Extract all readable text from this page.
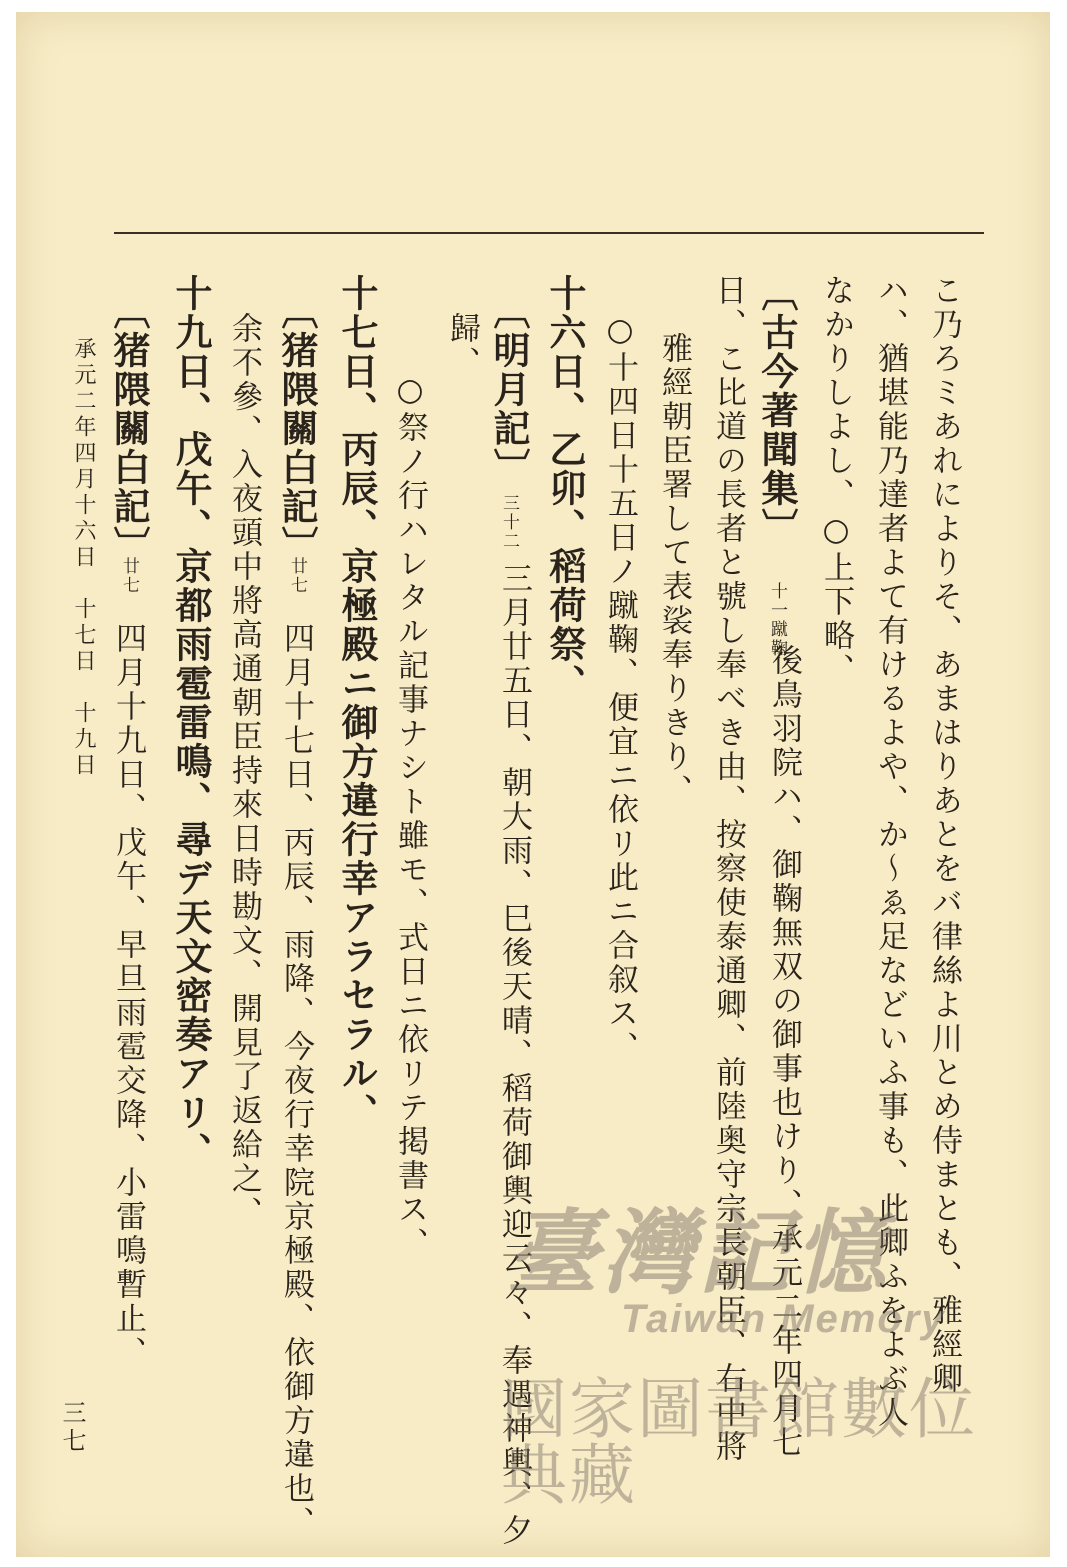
こ乃ろミあれによりそ、あまはりあとをバ律絲よ川とめ侍まとも、雅經卿
ハ、猶堪能乃達者よて有けるよや、か〜ゑ足などいふ事も、此卿ふをよぶ人
なかりしよし、○上下略、
〔 古今著聞集 〕
十一蹴鞠
後鳥羽院ハ、御鞠無双の御事也けり、承元二年四月七
日、こ比道の長者と號し奉べき由、按察使泰通卿、前陸奥守宗長朝臣、右中將
雅經朝臣署して表裟奉りきり、
○十四日十五日ノ蹴鞠、便宜ニ依リ此ニ合叙ス、
十六日、乙卯、稻荷祭、
〔 明月記 〕
三十二
三月廿五日、朝大雨、巳後天晴、稻荷御輿迎云々、奉遇神輿、夕
歸、
○祭ノ行ハレタル記事ナシト雖モ、式日ニ依リテ掲書ス、
十七日、丙辰、京極殿ニ御方違行幸アラセラル、
〔 猪隈關白記 〕
廿七
四月十七日、丙辰、雨降、今夜行幸院京極殿、依御方違也、
余不參、入夜頭中將高通朝臣持來日時勘文、開見了返給之、
十九日、戊午、京都雨雹雷鳴、尋デ天文密奏アリ、
〔 猪隈關白記 〕
廿七
四月十九日、戊午、早旦雨雹交降、小雷鳴暫止、
承元二年四月十六日　十七日　十九日
臺灣記憶
Taiwan Memory
國家圖書館數位典藏
三七
